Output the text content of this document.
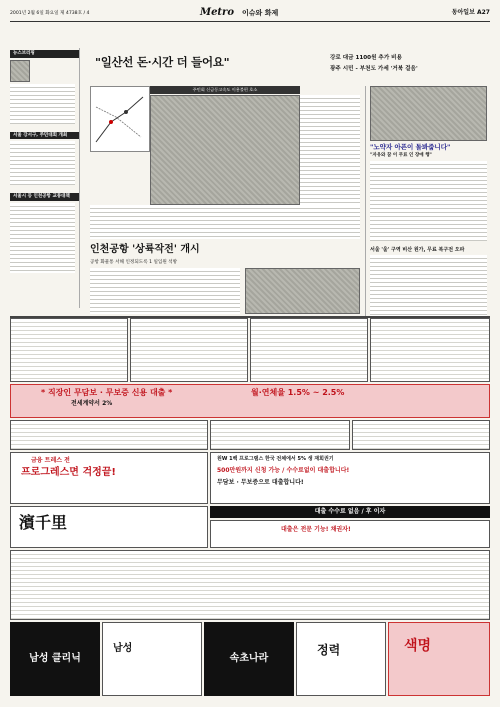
2001년 2월 6일 화요일 제 4738호 / 4	Metro 이슈와 화제	동아일보 A27
뉴스브리핑
서울 강서구, 주민대회 개최
서울시 등 인천공항 교통대책
"일산선 돈·시간 더 들어요"	강로 대금 1100원 추가 비용
광주 시민 - 부천도 가세 '거북 걸음'
주민회 신금동고속도 이용불편 호소
"노약자 아픈이 돌봐줍니다"
"자유와 꿈 이 무료 인 장애 행"
서울 '울' 구역 비산 원가, 무료 복구전 오파
인천공항 '상륙작전' 개시
공항 화물통 서해 인정되도록 1 일입원 석방
* 직장인 무담보 · 무보증 신용 대출 *	월·연체율 1.5% ~ 2.5%
전세계약서 2%
금융 트레스 전
프로그레스면 걱정끝!
원W 1백 프로그램스 한국 전체에서 5% 생 재회권기
500만원까지 신청 가능 / 수수료없이 대출합니다!
무담보 · 무보증으로 대출합니다!
濱千里
대출 수수료 없음 / 후 이자
대출은 전문 기능! 채권자!
남성 클리닉
남성
속초나라
정력	색명
